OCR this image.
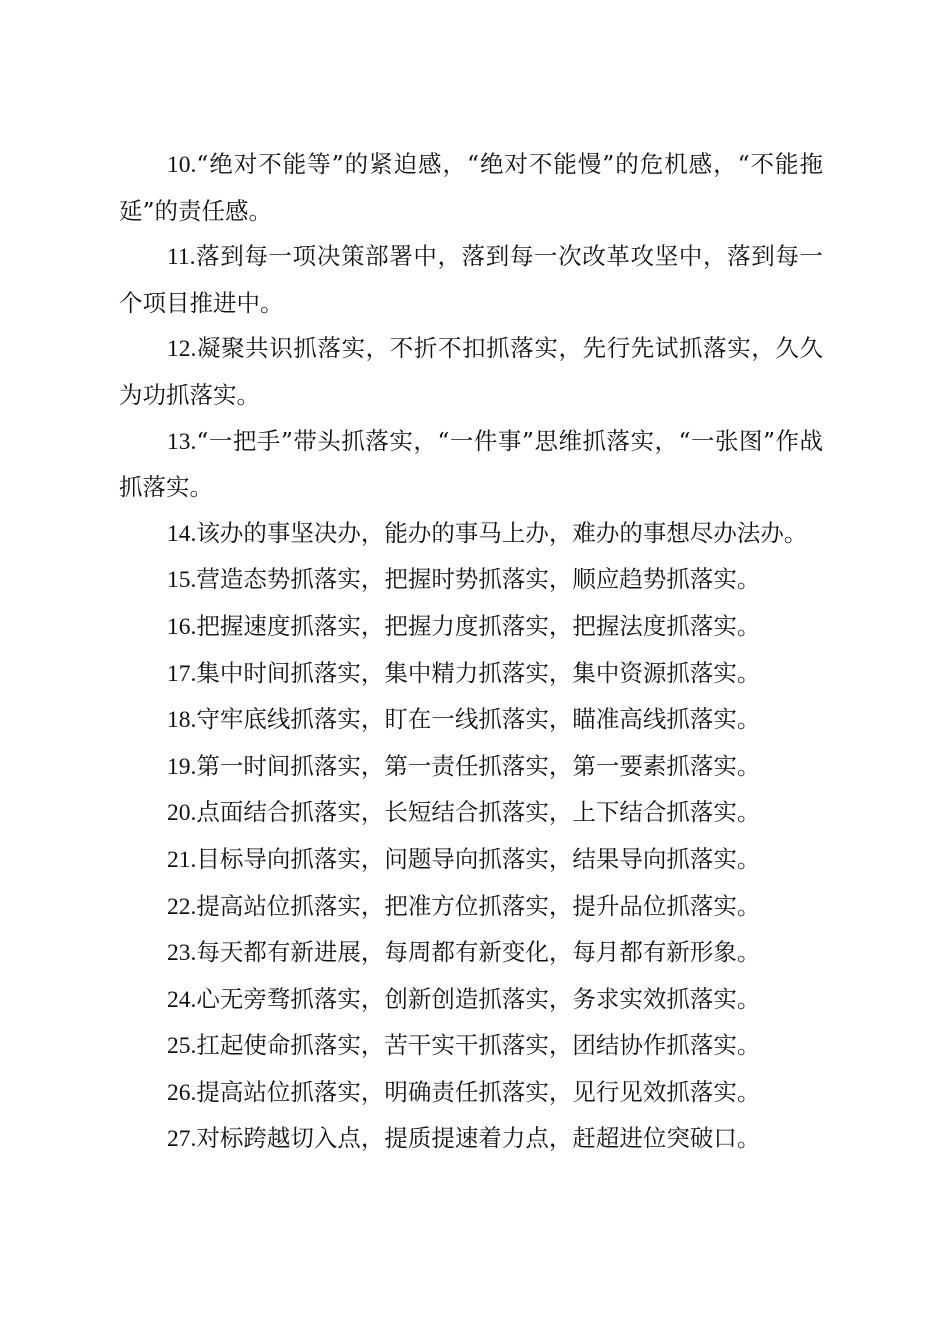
10.“绝对不能等”的紧迫感，“绝对不能慢”的危机感，“不能拖延”的责任感。

11.落到每一项决策部署中，落到每一次改革攻坚中，落到每一个项目推进中。

12.凝聚共识抓落实，不折不扣抓落实，先行先试抓落实，久久为功抓落实。

13.“一把手”带头抓落实，“一件事”思维抓落实，“一张图”作战抓落实。

14.该办的事坚决办，能办的事马上办，难办的事想尽办法办。

15.营造态势抓落实，把握时势抓落实，顺应趋势抓落实。

16.把握速度抓落实，把握力度抓落实，把握法度抓落实。

17.集中时间抓落实，集中精力抓落实，集中资源抓落实。

18.守牢底线抓落实，盯在一线抓落实，瞄准高线抓落实。

19.第一时间抓落实，第一责任抓落实，第一要素抓落实。

20.点面结合抓落实，长短结合抓落实，上下结合抓落实。

21.目标导向抓落实，问题导向抓落实，结果导向抓落实。

22.提高站位抓落实，把准方位抓落实，提升品位抓落实。

23.每天都有新进展，每周都有新变化，每月都有新形象。

24.心无旁骛抓落实，创新创造抓落实，务求实效抓落实。

25.扛起使命抓落实，苦干实干抓落实，团结协作抓落实。

26.提高站位抓落实，明确责任抓落实，见行见效抓落实。

27.对标跨越切入点，提质提速着力点，赶超进位突破口。
